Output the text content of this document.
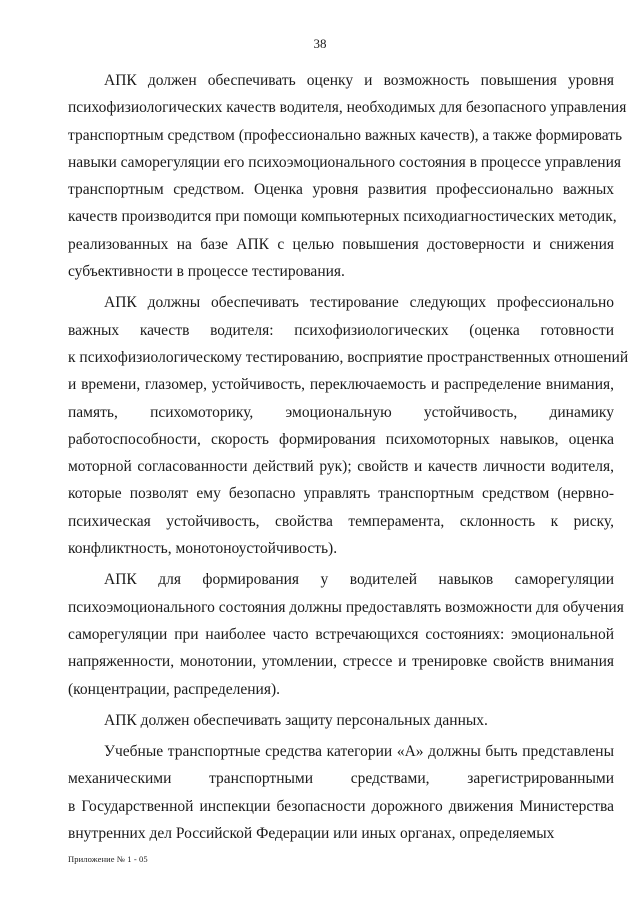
38
АПК должен обеспечивать оценку и возможность повышения уровня
психофизиологических качеств водителя, необходимых для безопасного управления
транспортным средством (профессионально важных качеств), а также формировать
навыки саморегуляции его психоэмоционального состояния в процессе управления
транспортным средством. Оценка уровня развития профессионально важных
качеств производится при помощи компьютерных психодиагностических методик,
реализованных на базе АПК с целью повышения достоверности и снижения
субъективности в процессе тестирования.
АПК должны обеспечивать тестирование следующих профессионально
важных качеств водителя: психофизиологических (оценка готовности
к психофизиологическому тестированию, восприятие пространственных отношений
и времени, глазомер, устойчивость, переключаемость и распределение внимания,
память, психомоторику, эмоциональную устойчивость, динамику
работоспособности, скорость формирования психомоторных навыков, оценка
моторной согласованности действий рук); свойств и качеств личности водителя,
которые позволят ему безопасно управлять транспортным средством (нервно-
психическая устойчивость, свойства темперамента, склонность к риску,
конфликтность, монотоноустойчивость).
АПК для формирования у водителей навыков саморегуляции
психоэмоционального состояния должны предоставлять возможности для обучения
саморегуляции при наиболее часто встречающихся состояниях: эмоциональной
напряженности, монотонии, утомлении, стрессе и тренировке свойств внимания
(концентрации, распределения).
АПК должен обеспечивать защиту персональных данных.
Учебные транспортные средства категории «А» должны быть представлены
механическими транспортными средствами, зарегистрированными
в Государственной инспекции безопасности дорожного движения Министерства
внутренних дел Российской Федерации или иных органах, определяемых
Приложение № 1 - 05
